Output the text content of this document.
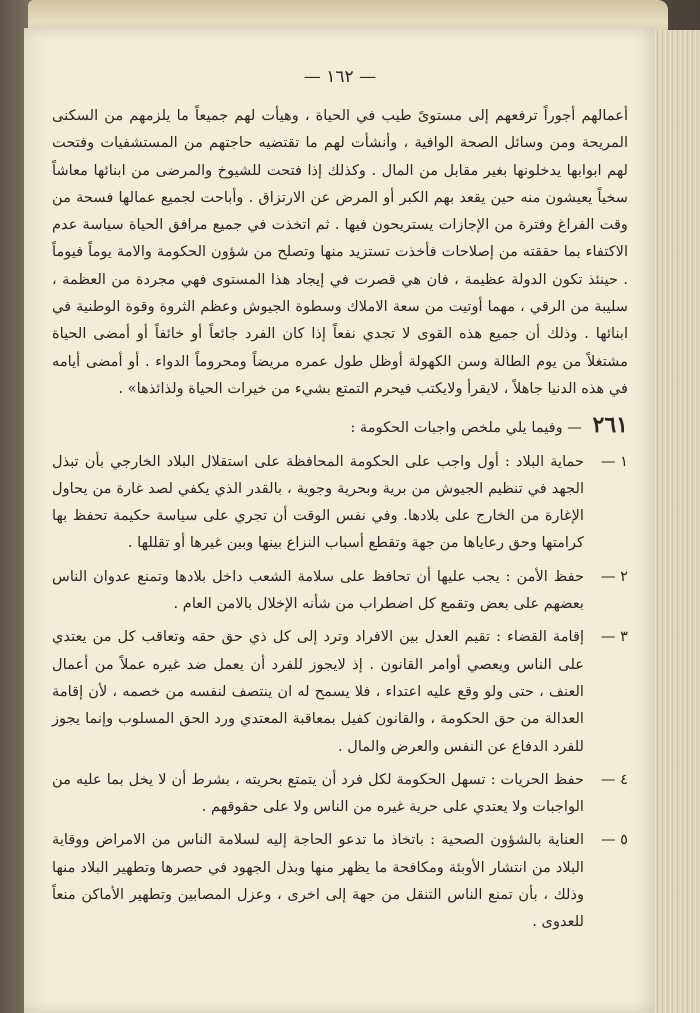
— ١٦٢ —

أعمالهم أجوراً ترفعهم إلى مستوىً طيب في الحياة ، وهيأت لهم جميعاً ما يلزمهم من السكنى المريحة ومن وسائل الصحة الوافية ، وأنشأت لهم ما تقتضيه حاجتهم من المستشفيات وفتحت لهم ابوابها يدخلونها بغير مقابل من المال . وكذلك إذا فتحت للشيوخ والمرضى من ابنائها معاشاً سخياً يعيشون منه حين يقعد بهم الكبر أو المرض عن الارتزاق . وأباحت لجميع عمالها فسحة من وقت الفراغ وفترة من الإجازات يستريحون فيها . ثم اتخذت في جميع مرافق الحياة سياسة عدم الاكتفاء بما حققته من إصلاحات فأخذت تستزيد منها وتصلح من شؤون الحكومة والامة يوماً فيوماً . حينئذ تكون الدولة عظيمة ، فان هي قصرت في إيجاد هذا المستوى فهي مجردة من العظمة ، سليبة من الرقي ، مهما أوتيت من سعة الاملاك وسطوة الجيوش وعظم الثروة وقوة الوطنية في ابنائها . وذلك أن جميع هذه القوى لا تجدي نفعاً إذا كان الفرد جائعاً أو خائفاً أو أمضى الحياة مشتغلاً من يوم الطالة وسن الكهولة أوظل طول عمره مريضاً ومحروماً الدواء . أو أمضى أيامه في هذه الدنيا جاهلاً ، لايقرأ ولايكتب فيحرم التمتع بشيء من خيرات الحياة ولذائذها» .

٢٦١ — وفيما يلي ملخص واجبات الحكومة :
١ —
حماية البلاد : أول واجب على الحكومة المحافظة على استقلال البلاد الخارجي بأن تبذل الجهد في تنظيم الجيوش من برية وبحرية وجوية ، بالقدر الذي يكفي لصد غارة من يحاول الإغارة من الخارج على بلادها. وفي نفس الوقت أن تجري على سياسة حكيمة تحفظ بها كرامتها وحق رعاياها من جهة وتقطع أسباب النزاع بينها وبين غيرها أو تقللها .
٢ —
حفظ الأمن : يجب عليها أن تحافظ على سلامة الشعب داخل بلادها وتمنع عدوان الناس بعضهم على بعض وتقمع كل اضطراب من شأنه الإخلال بالامن العام .
٣ —
إقامة القضاء : تقيم العدل بين الافراد وترد إلى كل ذي حق حقه وتعاقب كل من يعتدي على الناس ويعصي أوامر القانون . إذ لايجوز للفرد أن يعمل ضد غيره عملاً من أعمال العنف ، حتى ولو وقع عليه اعتداء ، فلا يسمح له ان ينتصف لنفسه من خصمه ، لأن إقامة العدالة من حق الحكومة ، والقانون كفيل بمعاقبة المعتدي ورد الحق المسلوب وإنما يجوز للفرد الدفاع عن النفس والعرض والمال .
٤ —
حفظ الحريات : تسهل الحكومة لكل فرد أن يتمتع بحريته ، بشرط أن لا يخل بما عليه من الواجبات ولا يعتدي على حرية غيره من الناس ولا على حقوقهم .
٥ —
العناية بالشؤون الصحية : باتخاذ ما تدعو الحاجة إليه لسلامة الناس من الامراض ووقاية البلاد من انتشار الأوبئة ومكافحة ما يظهر منها وبذل الجهود في حصرها وتطهير البلاد منها وذلك ، بأن تمنع الناس التنقل من جهة إلى اخرى ، وعزل المصابين وتطهير الأماكن منعاً للعدوى .
